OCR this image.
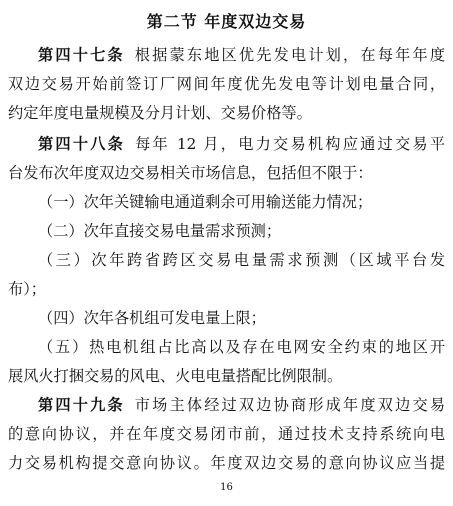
第二节 年度双边交易
第四十七条 根据蒙东地区优先发电计划，在每年年度
双边交易开始前签订厂网间年度优先发电等计划电量合同，
约定年度电量规模及分月计划、交易价格等。
第四十八条 每年 12 月，电力交易机构应通过交易平
台发布次年度双边交易相关市场信息，包括但不限于：
（一）次年关键输电通道剩余可用输送能力情况；
（二）次年直接交易电量需求预测；
（三）次年跨省跨区交易电量需求预测（区域平台发
布）；
（四）次年各机组可发电量上限；
（五）热电机组占比高以及存在电网安全约束的地区开
展风火打捆交易的风电、火电电量搭配比例限制。
第四十九条 市场主体经过双边协商形成年度双边交易
的意向协议，并在年度交易闭市前，通过技术支持系统向电
力交易机构提交意向协议。年度双边交易的意向协议应当提
16
